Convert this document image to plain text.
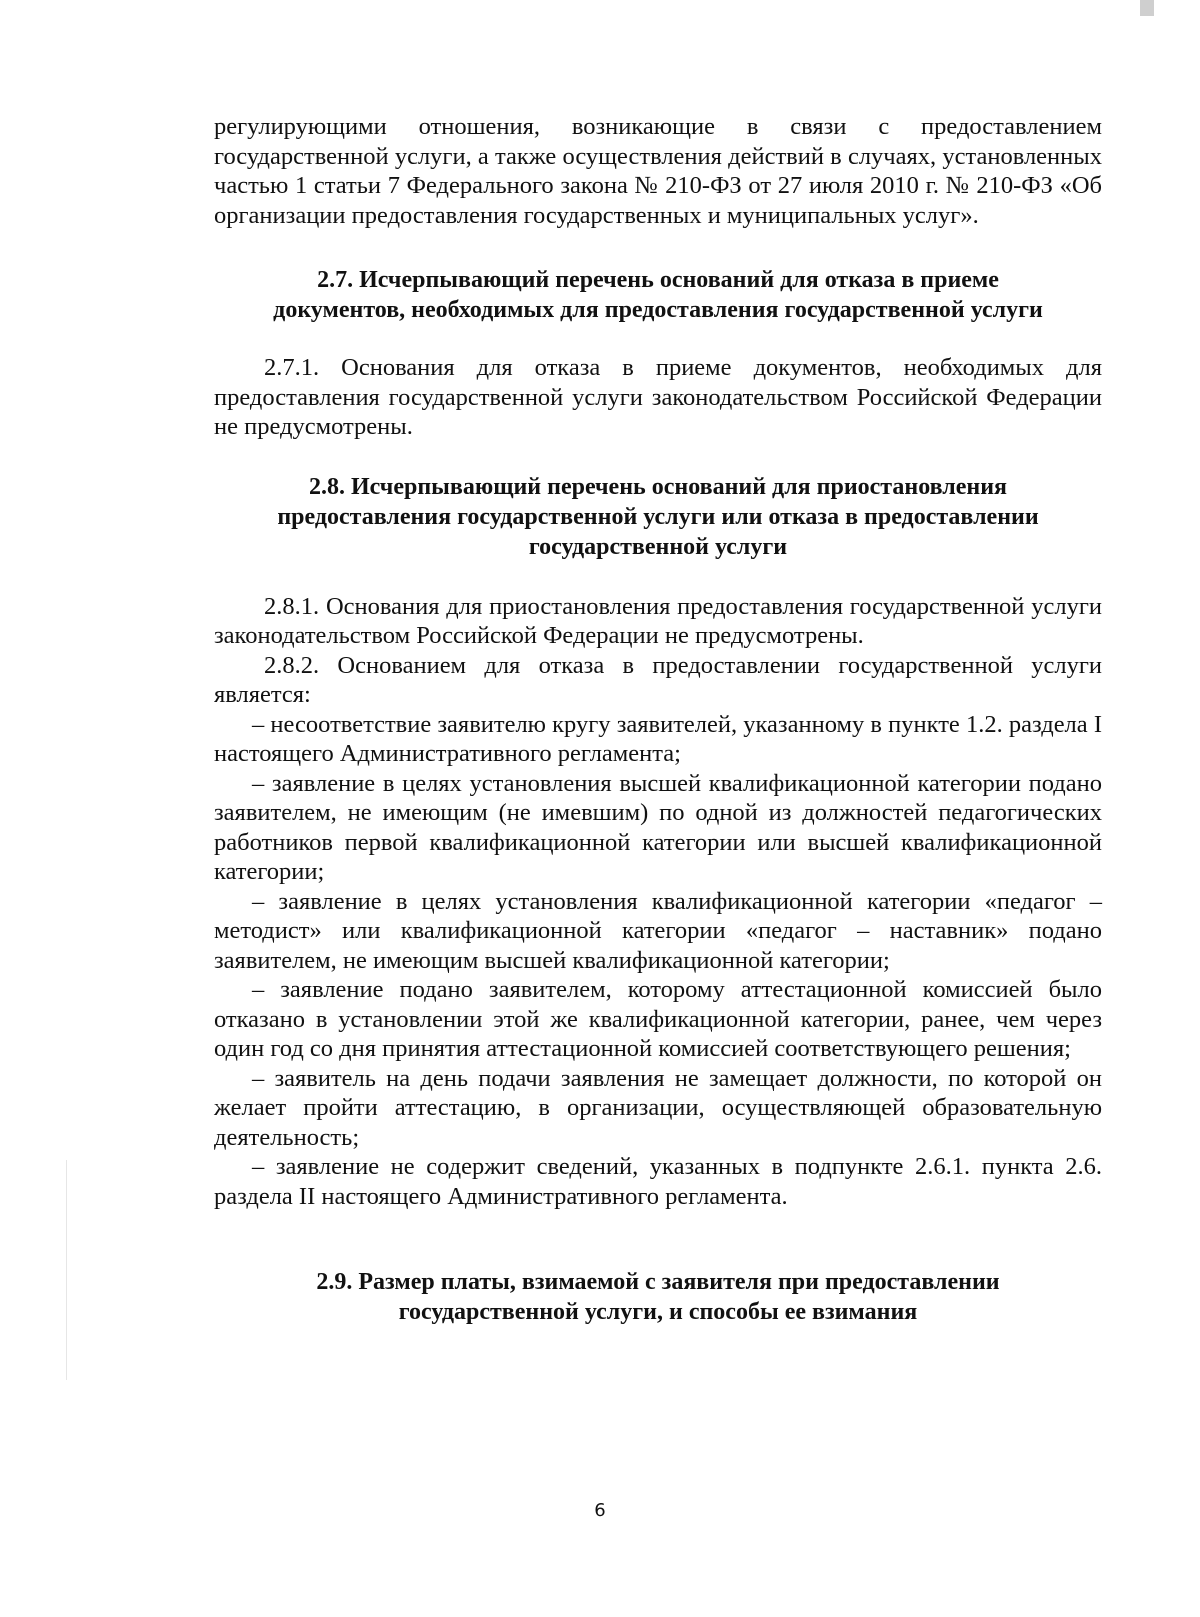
регулирующими отношения, возникающие в связи с предоставлением​ государственной услуги, а также осуществления действий в случаях,​ установленных частью 1 статьи 7 Федерального закона № 210-ФЗ от 27 июля​ 2010 г. № 210-ФЗ «Об организации предоставления государственных и​ муниципальных услуг».

2.7. Исчерпывающий перечень оснований для отказа в приеме
документов, необходимых для предоставления государственной услуги

2.7.1. Основания для отказа в приеме документов, необходимых для​ предоставления государственной услуги законодательством Российской​ Федерации не предусмотрены.

2.8. Исчерпывающий перечень оснований для приостановления
предоставления государственной услуги или отказа в предоставлении
государственной услуги

2.8.1. Основания для приостановления предоставления государственной​ услуги законодательством Российской Федерации не предусмотрены.

2.8.2. Основанием для отказа в предоставлении государственной услуги​ является:

– несоответствие заявителю кругу заявителей, указанному в пункте 1.2.​ раздела I настоящего Административного регламента;

– заявление в целях установления высшей квалификационной категории​ подано заявителем, не имеющим (не имевшим) по одной из должностей​ педагогических работников первой квалификационной категории или высшей​ квалификационной категории;

– заявление в целях установления квалификационной категории «педагог​ – методист» или квалификационной категории «педагог – наставник» подано​ заявителем, не имеющим высшей квалификационной категории;

– заявление подано заявителем, которому аттестационной комиссией​ было отказано в установлении этой же квалификационной категории, ранее,​ чем через один год со дня принятия аттестационной комиссией​ соответствующего решения;

– заявитель на день подачи заявления не замещает должности, по которой​ он желает пройти аттестацию, в организации, осуществляющей​ образовательную деятельность;

– заявление не содержит сведений, указанных в подпункте 2.6.1. пункта​ 2.6. раздела II настоящего Административного регламента.

2.9. Размер платы, взимаемой с заявителя при предоставлении
государственной услуги, и способы ее взимания
6
